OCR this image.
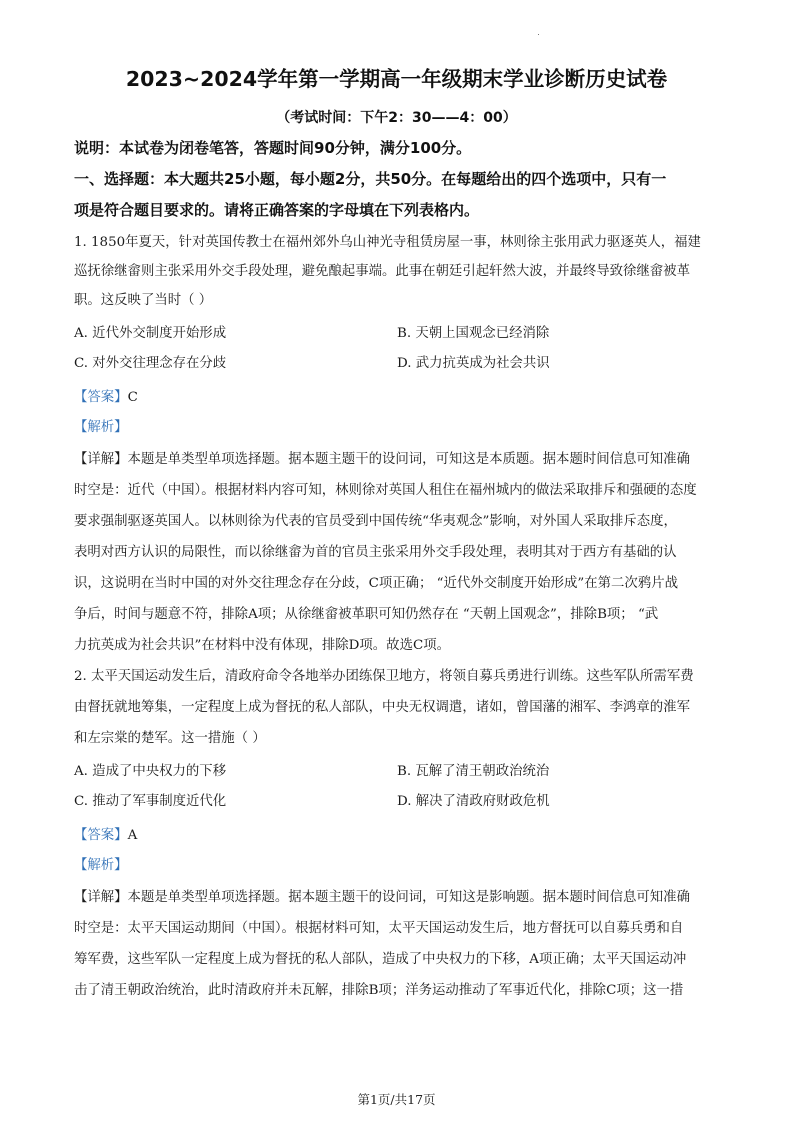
2023~2024学年第一学期高一年级期末学业诊断历史试卷
（考试时间：下午2：30——4：00）
说明：本试卷为闭卷笔答，答题时间90分钟，满分100分。
一、选择题：本大题共25小题，每小题2分，共50分。在每题给出的四个选项中，只有一
项是符合题目要求的。请将正确答案的字母填在下列表格内。
1. 1850年夏天，针对英国传教士在福州郊外乌山神光寺租赁房屋一事，林则徐主张用武力驱逐英人，福建
巡抚徐继畲则主张采用外交手段处理，避免酿起事端。此事在朝廷引起轩然大波，并最终导致徐继畲被革
职。这反映了当时（ ）
A. 近代外交制度开始形成	B. 天朝上国观念已经消除
C. 对外交往理念存在分歧	D. 武力抗英成为社会共识
【答案】C
【解析】
【详解】本题是单类型单项选择题。据本题主题干的设问词，可知这是本质题。据本题时间信息可知准确
时空是：近代（中国）。根据材料内容可知，林则徐对英国人租住在福州城内的做法采取排斥和强硬的态度
要求强制驱逐英国人。以林则徐为代表的官员受到中国传统“华夷观念”影响，对外国人采取排斥态度，
表明对西方认识的局限性，而以徐继畲为首的官员主张采用外交手段处理，表明其对于西方有基础的认
识，这说明在当时中国的对外交往理念存在分歧，C项正确； “近代外交制度开始形成”在第二次鸦片战
争后，时间与题意不符，排除A项；从徐继畲被革职可知仍然存在 “天朝上国观念”，排除B项； “武
力抗英成为社会共识”在材料中没有体现，排除D项。故选C项。
2. 太平天国运动发生后，清政府命令各地举办团练保卫地方，将领自募兵勇进行训练。这些军队所需军费
由督抚就地筹集，一定程度上成为督抚的私人部队，中央无权调遣，诸如，曾国藩的湘军、李鸿章的淮军
和左宗棠的楚军。这一措施（ ）
A. 造成了中央权力的下移	B. 瓦解了清王朝政治统治
C. 推动了军事制度近代化	D. 解决了清政府财政危机
【答案】A
【解析】
【详解】本题是单类型单项选择题。据本题主题干的设问词，可知这是影响题。据本题时间信息可知准确
时空是：太平天国运动期间（中国）。根据材料可知，太平天国运动发生后，地方督抚可以自募兵勇和自
筹军费，这些军队一定程度上成为督抚的私人部队，造成了中央权力的下移，A项正确；太平天国运动冲
击了清王朝政治统治，此时清政府并未瓦解，排除B项；洋务运动推动了军事近代化，排除C项；这一措
第1页/共17页
